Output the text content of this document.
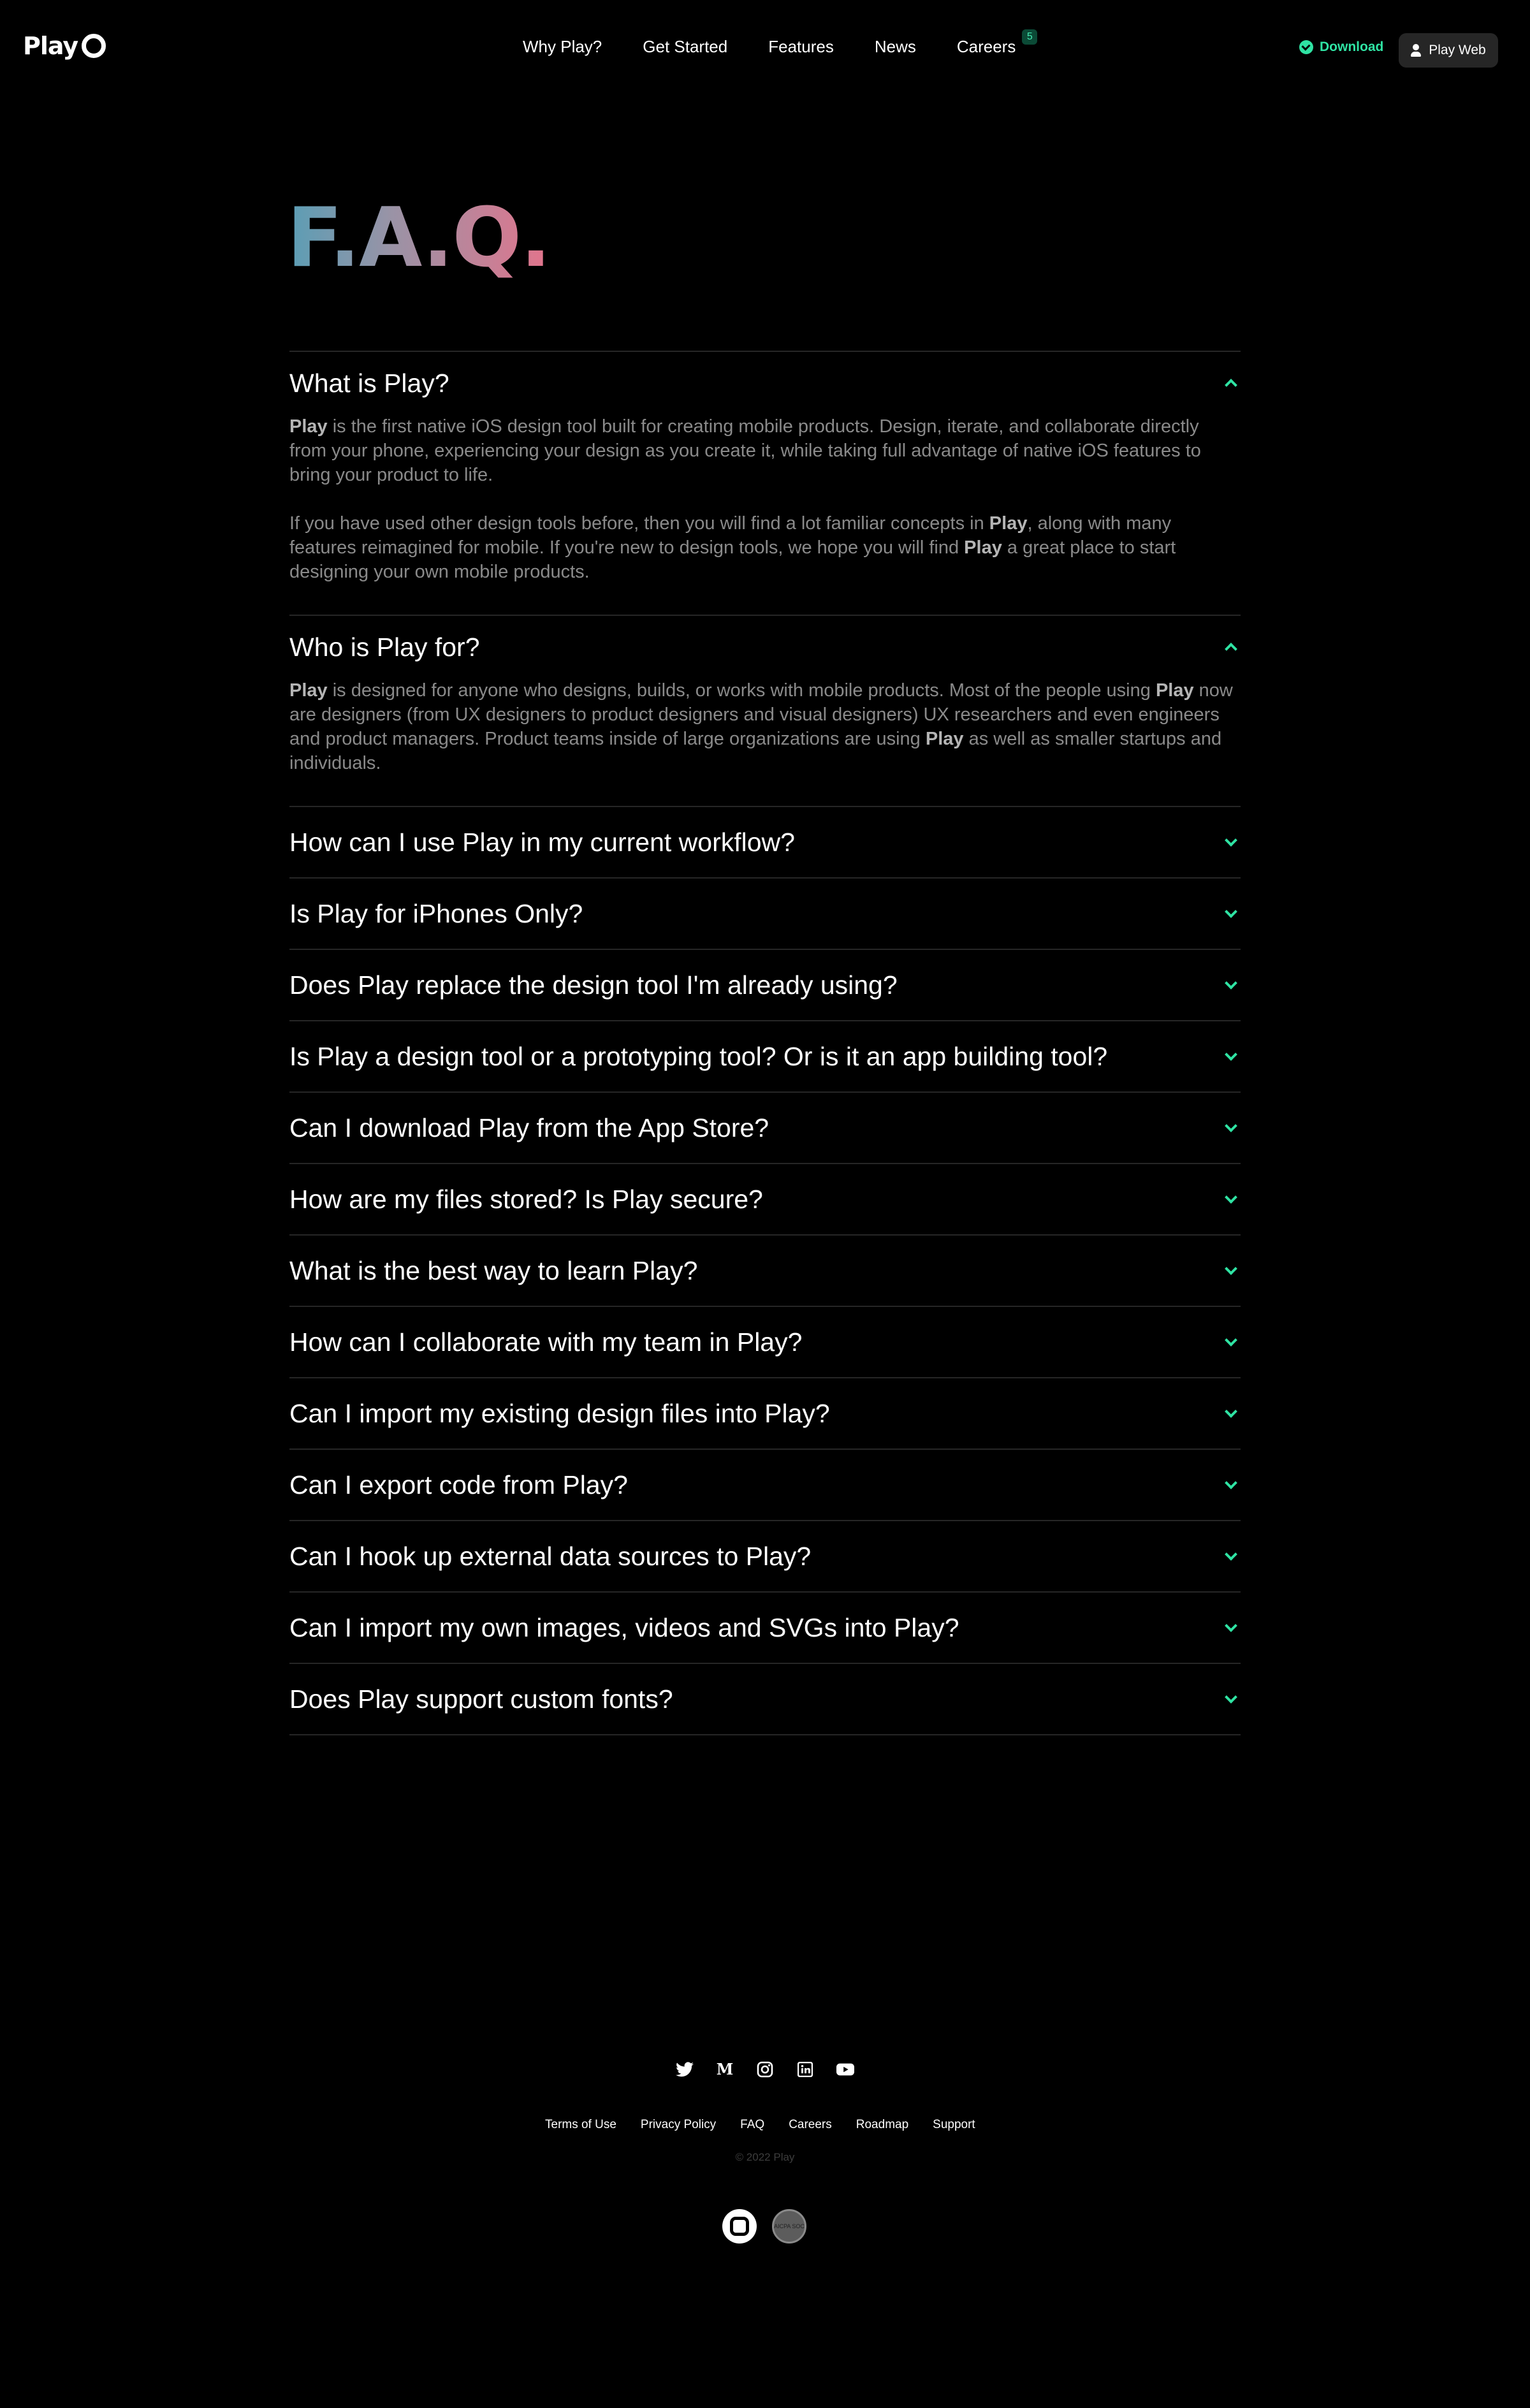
Play	Why Play? Get Started Features News Careers
5
Download	Play Web
F.A.Q.
What is Play?

Play is the first native iOS design tool built for creating mobile products. Design, iterate, and collaborate directly from your phone, experiencing your design as you create it, while taking full advantage of native iOS features to bring your product to life.

If you have used other design tools before, then you will find a lot familiar concepts in Play, along with many features reimagined for mobile. If you're new to design tools, we hope you will find Play a great place to start designing your own mobile products.

Who is Play for?

Play is designed for anyone who designs, builds, or works with mobile products. Most of the people using Play now are designers (from UX designers to product designers and visual designers) UX researchers and even engineers and product managers. Product teams inside of large organizations are using Play as well as smaller startups and individuals.

How can I use Play in my current workflow?
Is Play for iPhones Only?
Does Play replace the design tool I'm already using?
Is Play a design tool or a prototyping tool? Or is it an app building tool?
Can I download Play from the App Store?
How are my files stored? Is Play secure?
What is the best way to learn Play?
How can I collaborate with my team in Play?
Can I import my existing design files into Play?
Can I export code from Play?
Can I hook up external data sources to Play?
Can I import my own images, videos and SVGs into Play?
Does Play support custom fonts?
M
Terms of Use Privacy Policy FAQ Careers Roadmap Support
© 2022 Play
AICPA SOC
